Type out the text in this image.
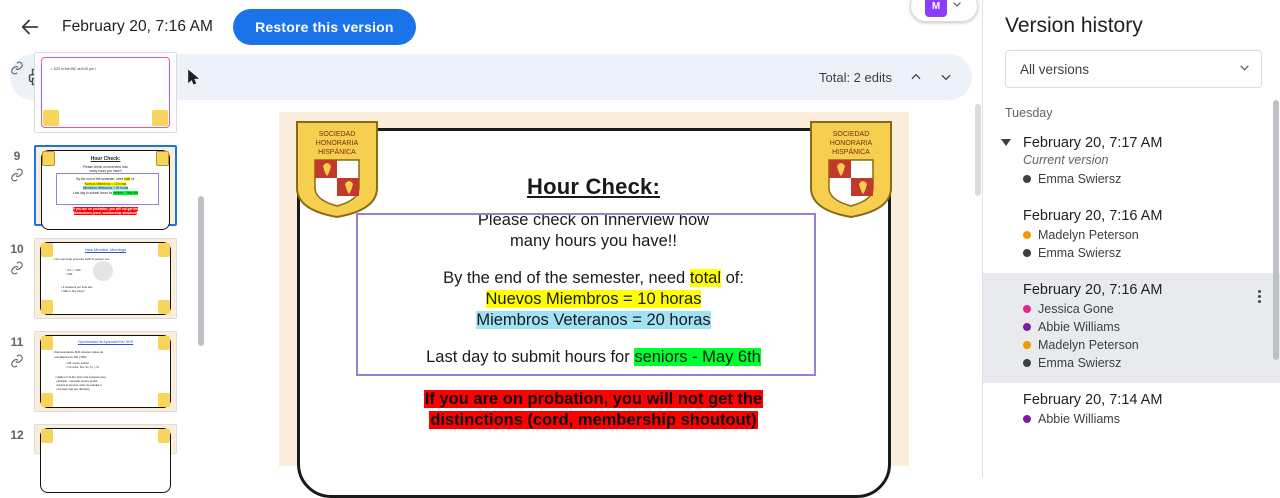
February 20, 7:16 AM	Restore this version
Total: 2 edits
• 1/20 in the INC at 6:00 pm !
9	Hour Check:
Please check on Innerview how
many hours you have!!
By the end of the semester, need total of:
Nuevos Miembros = 10 horas
Miembros Veteranos = 20 horas
Last day to submit hours for seniors - May 6th
If you are on probation, you will not get the
distinctions (cord, membership shoutout)
10	New Member Meetings
• You can help promote SHS to juniors too:
○ 2/1 • ○ 2/16
○ 2/22
• 2 locations per time slot
• Talk to Sra. Dow!!
11	Oportunidad de Aprender/Ser SHS
• Representando SHS durante visitas de
estudiantes de 400 y 800!
○ 2/8 • lunes, martes
○ 2 a incluir: Sra. So, Tu, y Sr.
• Habla con la Sra. Dow más temprano para
participar - necesitas puntos ayudar
durante la semana, sobre de estudiar a
una clase más (ser disculpa)
12
SOCIEDAD
HONORARIA
HISPÁNICA
SOCIEDAD
HONORARIA
HISPÁNICA
Hour Check:
Please check on Innerview how
many hours you have!!
By the end of the semester, need total of:
Nuevos Miembros = 10 horas
Miembros Veteranos = 20 horas
Last day to submit hours for seniors - May 6th
If you are on probation, you will not get the
distinctions (cord, membership shoutout)
Version history
All versions
Tuesday
February 20, 7:17 AM
Current version
Emma Swiersz
February 20, 7:16 AM
Madelyn Peterson
Emma Swiersz
February 20, 7:16 AM
Jessica Gone
Abbie Williams
Madelyn Peterson
Emma Swiersz
February 20, 7:14 AM
Abbie Williams
M
